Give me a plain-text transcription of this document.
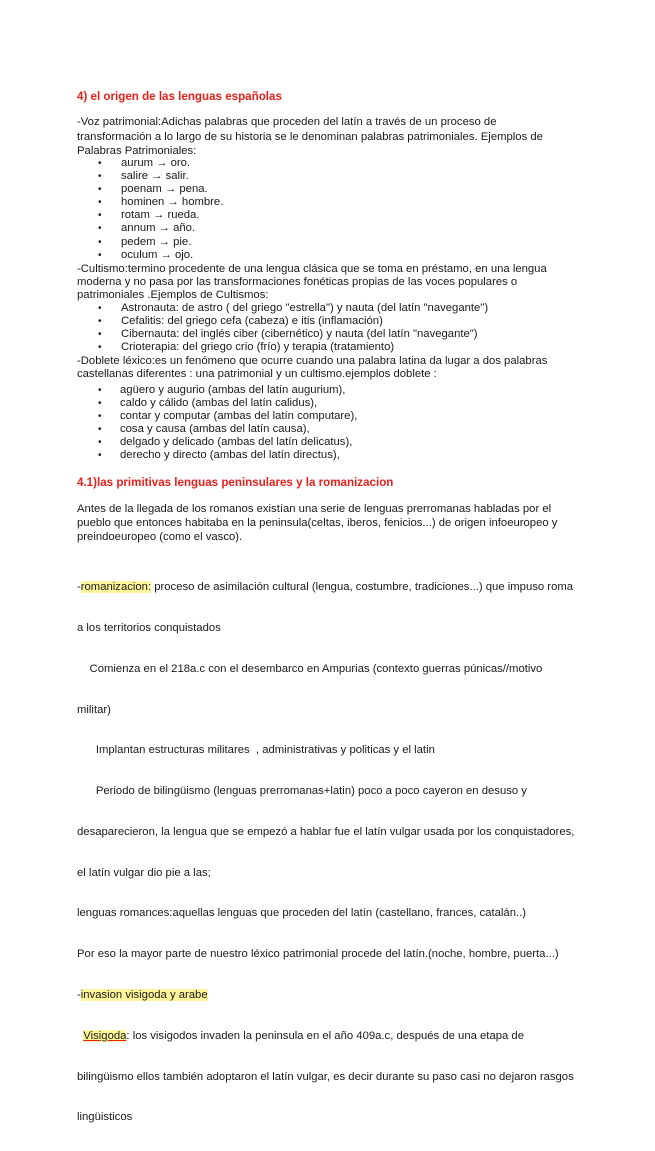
4) el origen de las lenguas españolas

-Voz patrimonial:Adichas palabras que proceden del latín a través de un proceso de

transformación a lo largo de su historia se le denominan palabras patrimoniales. Ejemplos de

Palabras Patrimoniales:

• aurum → oro.
• salire → salir.
• poenam → pena.
• hominen → hombre.
• rotam → rueda.
• annum → año.
• pedem → pie.
• oculum → ojo.

-Cultismo:termino procedente de una lengua clásica que se toma en préstamo, en una lengua

moderna y no pasa por las transformaciones fonéticas propias de las voces populares o

patrimoniales .Ejemplos de Cultismos:

• Astronauta: de astro ( del griego "estrella") y nauta (del latín "navegante")
• Cefalitis: del griego cefa (cabeza) e itis (inflamación)
• Cibernauta: del inglés ciber (cibernético) y nauta (del latín "navegante")
• Crioterapia: del griego crio (frío) y terapia (tratamiento)

-Doblete léxico:es un fenómeno que ocurre cuando una palabra latina da lugar a dos palabras

castellanas diferentes : una patrimonial y un cultismo.ejemplos doblete :

• agüero y augurio (ambas del latín augurium),
• caldo y cálido (ambas del latín calidus),
• contar y computar (ambas del latín computare),
• cosa y causa (ambas del latín causa),
• delgado y delicado (ambas del latín delicatus),
• derecho y directo (ambas del latín directus),
4.1)las primitivas lenguas peninsulares y la romanizacion

Antes de la llegada de los romanos existían una serie de lenguas prerromanas habladas por el

pueblo que entonces habitaba en la peninsula(celtas, iberos, fenicios...) de origen infoeuropeo y

preindoeuropeo (como el vasco).

-romanizacion: proceso de asimilación cultural (lengua, costumbre, tradiciones...) que impuso roma

a los territorios conquistados

Comienza en el 218a.c con el desembarco en Ampurias (contexto guerras púnicas//motivo

militar)

Implantan estructuras militares  , administrativas y politicas y el latin

Periodo de bilingüismo (lenguas prerromanas+latin) poco a poco cayeron en desuso y

desaparecieron, la lengua que se empezó a hablar fue el latín vulgar usada por los conquistadores,

el latín vulgar dio pie a las;

lenguas romances:aquellas lenguas que proceden del latín (castellano, frances, catalán..)

Por eso la mayor parte de nuestro léxico patrimonial procede del latín.(noche, hombre, puerta...)

-invasion visigoda y arabe

Visigoda: los visigodos invaden la peninsula en el año 409a.c, después de una etapa de

bilingüismo ellos también adoptaron el latín vulgar, es decir durante su paso casi no dejaron rasgos

lingüisticos
